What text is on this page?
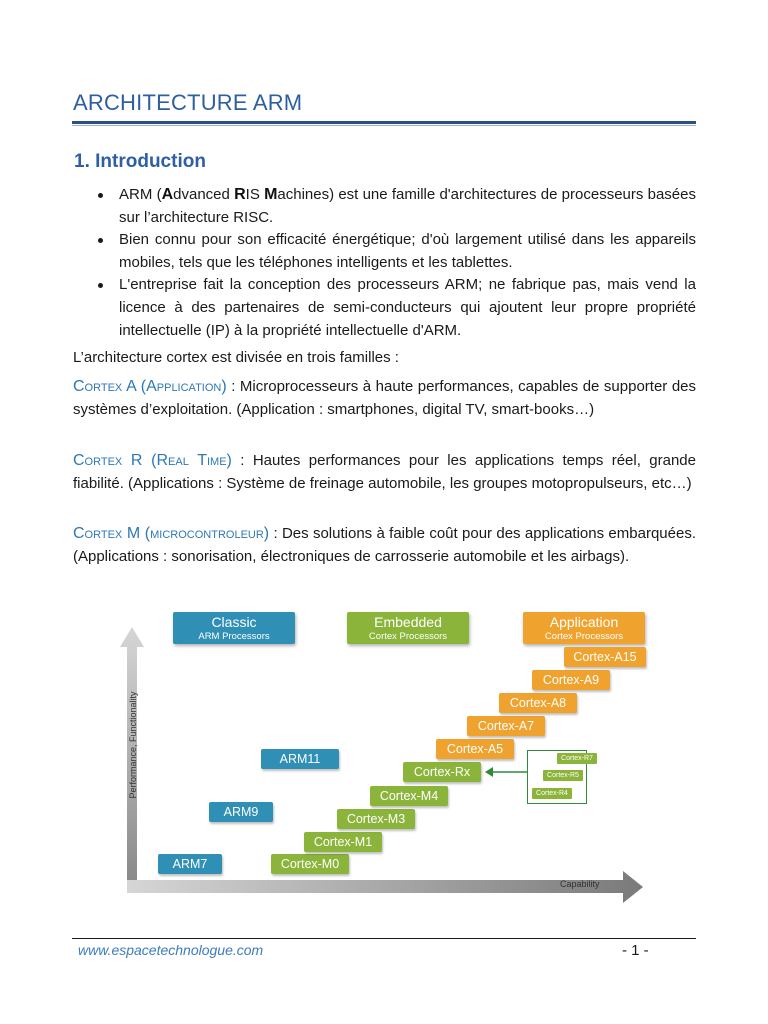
ARCHITECTURE ARM
1. Introduction
ARM (Advanced RIS Machines) est une famille d'architectures de processeurs basées sur l’architecture RISC.
Bien connu pour son efficacité énergétique; d'où largement utilisé dans les appareils mobiles, tels que les téléphones intelligents et les tablettes.
L'entreprise fait la conception des processeurs ARM; ne fabrique pas, mais vend la licence à des partenaires de semi-conducteurs qui ajoutent leur propre propriété intellectuelle (IP) à la propriété intellectuelle d'ARM.

L’architecture cortex est divisée en trois familles :

Cortex A (Application) : Microprocesseurs à haute performances, capables de supporter des systèmes d’exploitation. (Application : smartphones, digital TV, smart-books…)

Cortex R (Real Time) : Hautes performances pour les applications temps réel, grande fiabilité. (Applications : Système de freinage automobile, les groupes motopropulseurs, etc…)

Cortex M (microcontroleur) : Des solutions à faible coût pour des applications embarquées. (Applications : sonorisation, électroniques de carrosserie automobile et les airbags).

Performance, Functionality
Capability
Classic
ARM Processors
Embedded
Cortex Processors
Application
Cortex Processors
ARM7
ARM9
ARM11
Cortex-M0
Cortex-M1
Cortex-M3
Cortex-M4
Cortex-Rx
Cortex-A5
Cortex-A7
Cortex-A8
Cortex-A9
Cortex-A15
Cortex-R7
Cortex-R5
Cortex-R4
www.espacetechnologue.com	- 1 -
